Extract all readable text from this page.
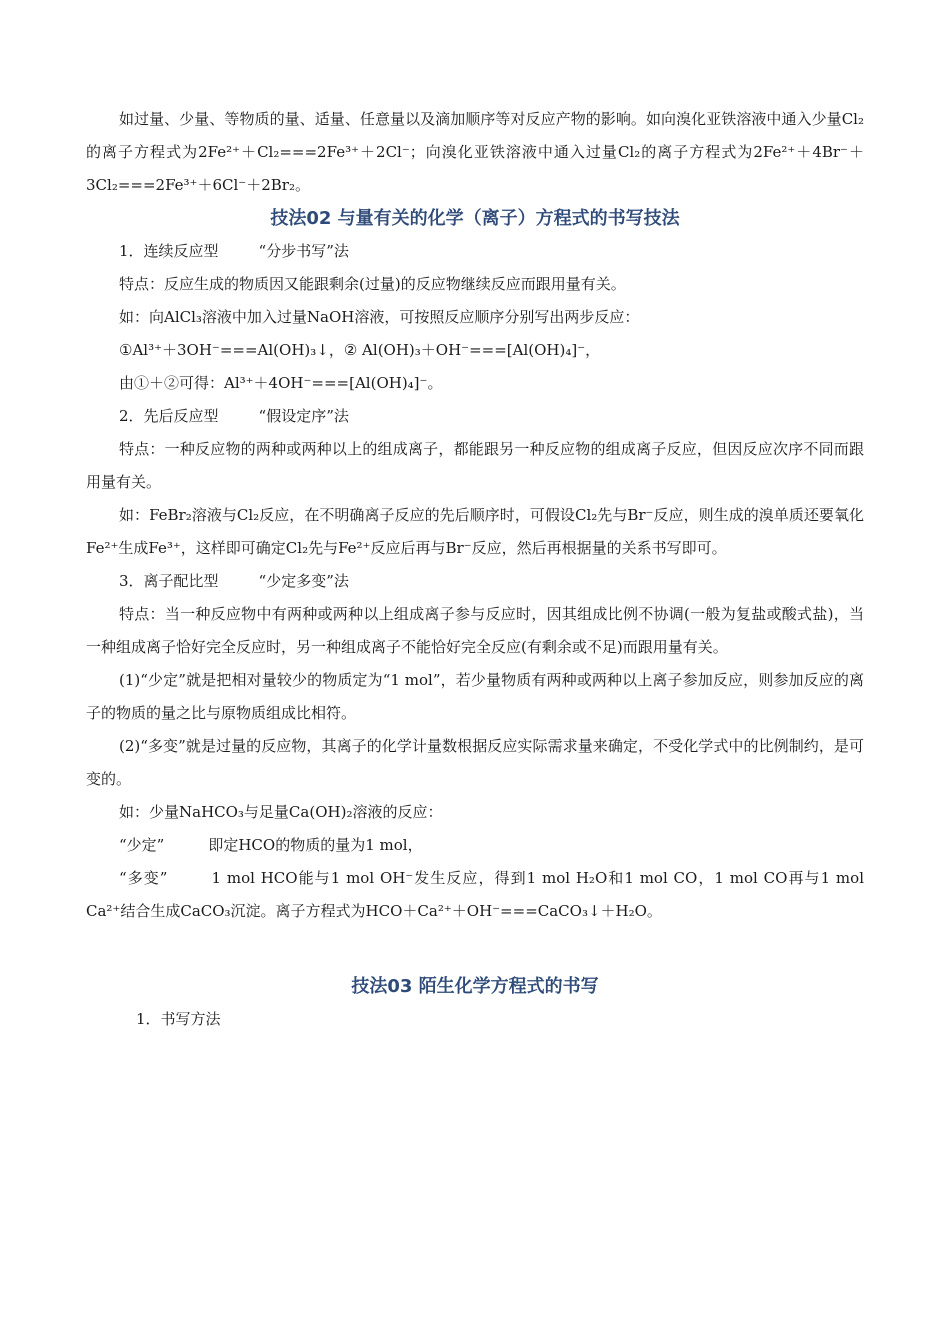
如过量、少量、等物质的量、适量、任意量以及滴加顺序等对反应产物的影响。如向溴化亚铁溶液中通入少量Cl₂的离子方程式为2Fe²⁺＋Cl₂===2Fe³⁺＋2Cl⁻；向溴化亚铁溶液中通入过量Cl₂的离子方程式为2Fe²⁺＋4Br⁻＋3Cl₂===2Fe³⁺＋6Cl⁻＋2Br₂。

技法02 与量有关的化学（离子）方程式的书写技法

1．连续反应型	“分步书写”法

特点：反应生成的物质因又能跟剩余(过量)的反应物继续反应而跟用量有关。

如：向AlCl₃溶液中加入过量NaOH溶液，可按照反应顺序分别写出两步反应：

①Al³⁺＋3OH⁻===Al(OH)₃↓，② Al(OH)₃＋OH⁻===[Al(OH)₄]⁻，

由①＋②可得：Al³⁺＋4OH⁻===[Al(OH)₄]⁻。

2．先后反应型	“假设定序”法

特点：一种反应物的两种或两种以上的组成离子，都能跟另一种反应物的组成离子反应，但因反应次序不同而跟用量有关。

如：FeBr₂溶液与Cl₂反应，在不明确离子反应的先后顺序时，可假设Cl₂先与Br⁻反应，则生成的溴单质还要氧化Fe²⁺生成Fe³⁺，这样即可确定Cl₂先与Fe²⁺反应后再与Br⁻反应，然后再根据量的关系书写即可。

3．离子配比型	“少定多变”法

特点：当一种反应物中有两种或两种以上组成离子参与反应时，因其组成比例不协调(一般为复盐或酸式盐)，当一种组成离子恰好完全反应时，另一种组成离子不能恰好完全反应(有剩余或不足)而跟用量有关。

(1)“少定”就是把相对量较少的物质定为“1 mol”，若少量物质有两种或两种以上离子参加反应，则参加反应的离子的物质的量之比与原物质组成比相符。

(2)“多变”就是过量的反应物，其离子的化学计量数根据反应实际需求量来确定，不受化学式中的比例制约，是可变的。

如：少量NaHCO₃与足量Ca(OH)₂溶液的反应：

“少定”	即定HCO的物质的量为1 mol，

“多变”	1 mol HCO能与1 mol OH⁻发生反应，得到1 mol H₂O和1 mol CO，1 mol CO再与1 mol Ca²⁺结合生成CaCO₃沉淀。离子方程式为HCO＋Ca²⁺＋OH⁻===CaCO₃↓＋H₂O。

技法03 陌生化学方程式的书写

1．书写方法
